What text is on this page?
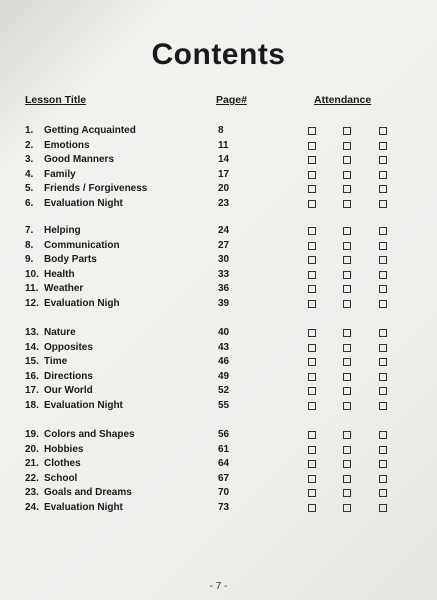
Contents
Lesson Title	Page#	Attendance
1. Getting Acquainted	8
2. Emotions	11
3. Good Manners	14
4. Family	17
5. Friends / Forgiveness	20
6. Evaluation Night	23
7. Helping	24
8. Communication	27
9. Body Parts	30
10. Health	33
11. Weather	36
12. Evaluation Nigh	39
13. Nature	40
14. Opposites	43
15. Time	46
16. Directions	49
17. Our World	52
18. Evaluation Night	55
19. Colors and Shapes	56
20. Hobbies	61
21. Clothes	64
22. School	67
23. Goals and Dreams	70
24. Evaluation Night	73
- 7 -
